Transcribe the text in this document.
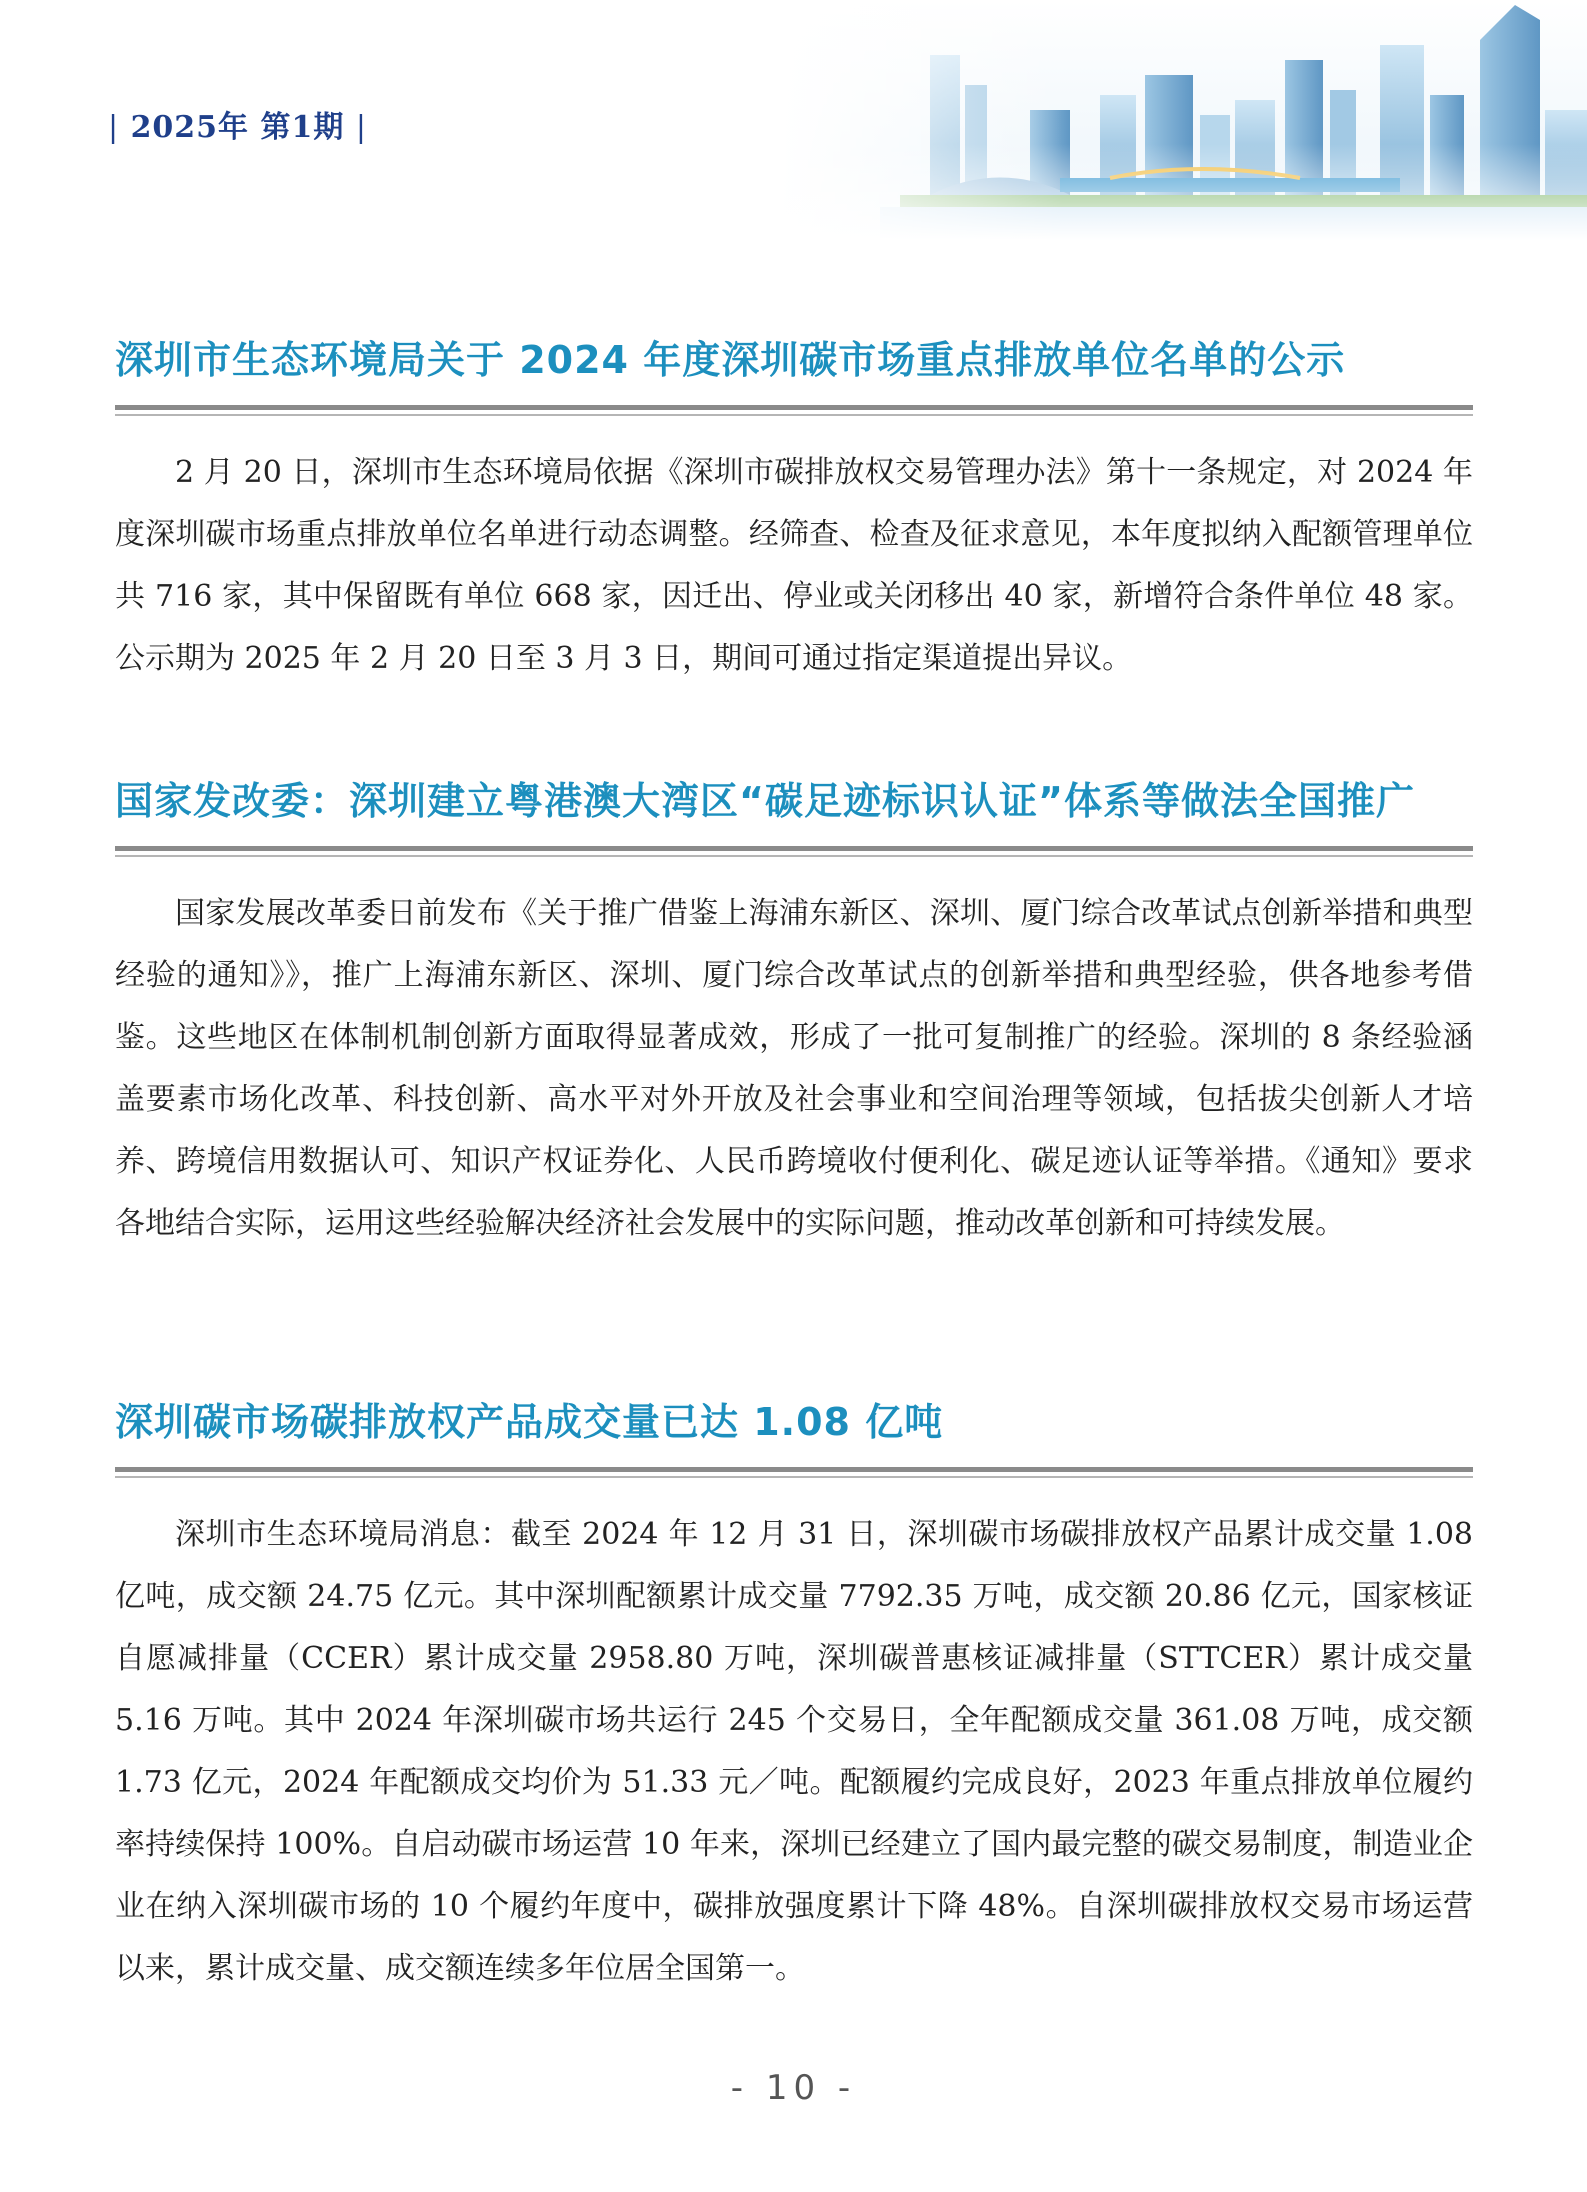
| 2025年 第1期 |
深圳市生态环境局关于 2024 年度深圳碳市场重点排放单位名单的公示

2 月 20 日，深圳市生态环境局依据《深圳市碳排放权交易管理办法》第十一条规定，对 2024 年度深圳碳市场重点排放单位名单进行动态调整。经筛查、检查及征求意见，本年度拟纳入配额管理单位共 716 家，其中保留既有单位 668 家，因迁出、停业或关闭移出 40 家，新增符合条件单位 48 家。公示期为 2025 年 2 月 20 日至 3 月 3 日，期间可通过指定渠道提出异议。

国家发改委：深圳建立粤港澳大湾区“碳足迹标识认证”体系等做法全国推广

国家发展改革委日前发布《关于推广借鉴上海浦东新区、深圳、厦门综合改革试点创新举措和典型经验的通知》》，推广上海浦东新区、深圳、厦门综合改革试点的创新举措和典型经验，供各地参考借鉴。这些地区在体制机制创新方面取得显著成效，形成了一批可复制推广的经验。深圳的 8 条经验涵盖要素市场化改革、科技创新、高水平对外开放及社会事业和空间治理等领域，包括拔尖创新人才培养、跨境信用数据认可、知识产权证券化、人民币跨境收付便利化、碳足迹认证等举措。《通知》要求各地结合实际，运用这些经验解决经济社会发展中的实际问题，推动改革创新和可持续发展。

深圳碳市场碳排放权产品成交量已达 1.08 亿吨

深圳市生态环境局消息：截至 2024 年 12 月 31 日，深圳碳市场碳排放权产品累计成交量 1.08 亿吨，成交额 24.75 亿元。其中深圳配额累计成交量 7792.35 万吨，成交额 20.86 亿元，国家核证自愿减排量（CCER）累计成交量 2958.80 万吨，深圳碳普惠核证减排量（STTCER）累计成交量 5.16 万吨。其中 2024 年深圳碳市场共运行 245 个交易日，全年配额成交量 361.08 万吨，成交额 1.73 亿元，2024 年配额成交均价为 51.33 元／吨。配额履约完成良好，2023 年重点排放单位履约率持续保持 100%。自启动碳市场运营 10 年来，深圳已经建立了国内最完整的碳交易制度，制造业企业在纳入深圳碳市场的 10 个履约年度中，碳排放强度累计下降 48%。自深圳碳排放权交易市场运营以来，累计成交量、成交额连续多年位居全国第一。

- 10 -
